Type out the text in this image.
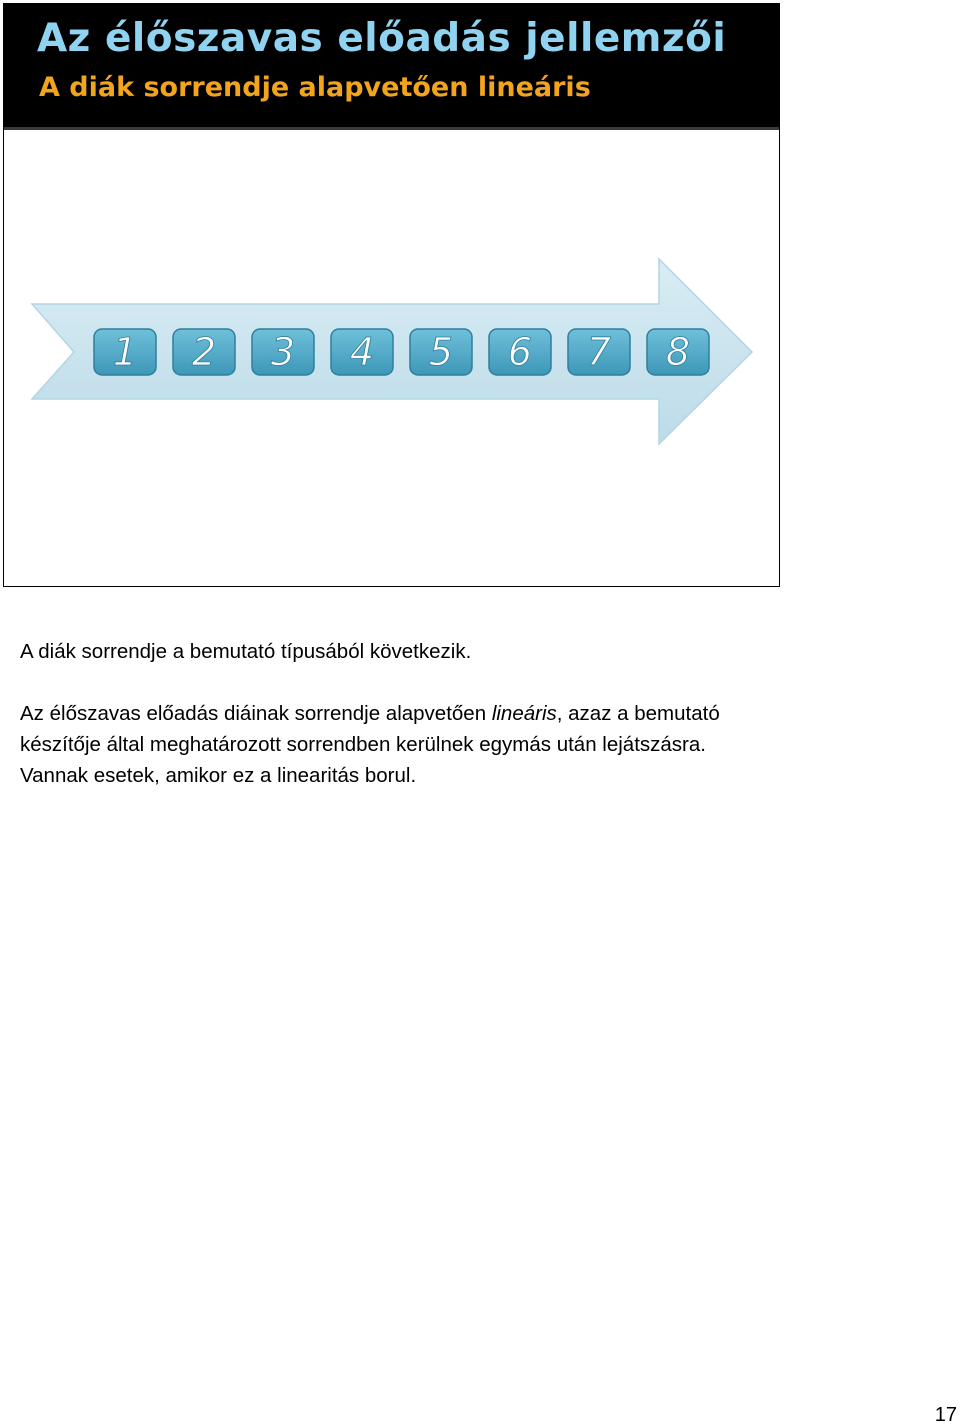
Az élőszavas előadás jellemzői
A diák sorrendje alapvetően lineáris
1 2 3 4 5 6 7 8

A diák sorrendje a bemutató típusából következik.

Az élőszavas előadás diáinak sorrendje alapvetően lineáris, azaz a bemutató készítője által meghatározott sorrendben kerülnek egymás után lejátszásra.

Vannak esetek, amikor ez a linearitás borul.

17
